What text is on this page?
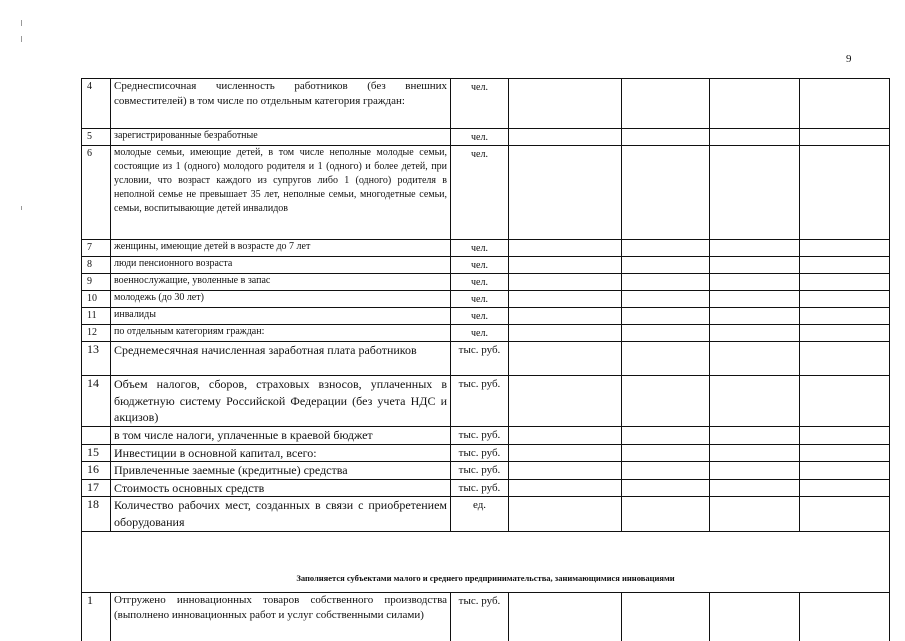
9
4	Среднесписочная численность работников (без внешних совместителей) в том числе по отдельным категория граждан:	чел.				
5	зарегистрированные безработные	чел.				
6	молодые семьи, имеющие детей, в том числе неполные молодые семьи, состоящие из 1 (одного) молодого родителя и 1 (одного) и более детей, при условии, что возраст каждого из супругов либо 1 (одного) родителя в неполной семье не превышает 35 лет, неполные семьи, многодетные семьи, семьи, воспитывающие детей инвалидов	чел.				
7	женщины, имеющие детей в возрасте до 7 лет	чел.				
8	люди пенсионного возраста	чел.				
9	военнослужащие, уволенные в запас	чел.				
10	молодежь (до 30 лет)	чел.				
11	инвалиды	чел.				
12	по отдельным категориям граждан:	чел.				
13	Среднемесячная начисленная заработная плата работников	тыс. руб.				
14	Объем налогов, сборов, страховых взносов, уплаченных в бюджетную систему Российской Федерации (без учета НДС и акцизов)	тыс. руб.				
	в том числе налоги, уплаченные в краевой бюджет	тыс. руб.				
15	Инвестиции в основной капитал, всего:	тыс. руб.				
16	Привлеченные заемные (кредитные) средства	тыс. руб.				
17	Стоимость основных средств	тыс. руб.				
18	Количество рабочих мест, созданных в связи с приобретением оборудования	ед.				
Заполняется субъектами малого и среднего предпринимательства, занимающимися инновациями						
1	Отгружено инновационных товаров собственного производства (выполнено инновационных работ и услуг собственными силами)	тыс. руб.				
